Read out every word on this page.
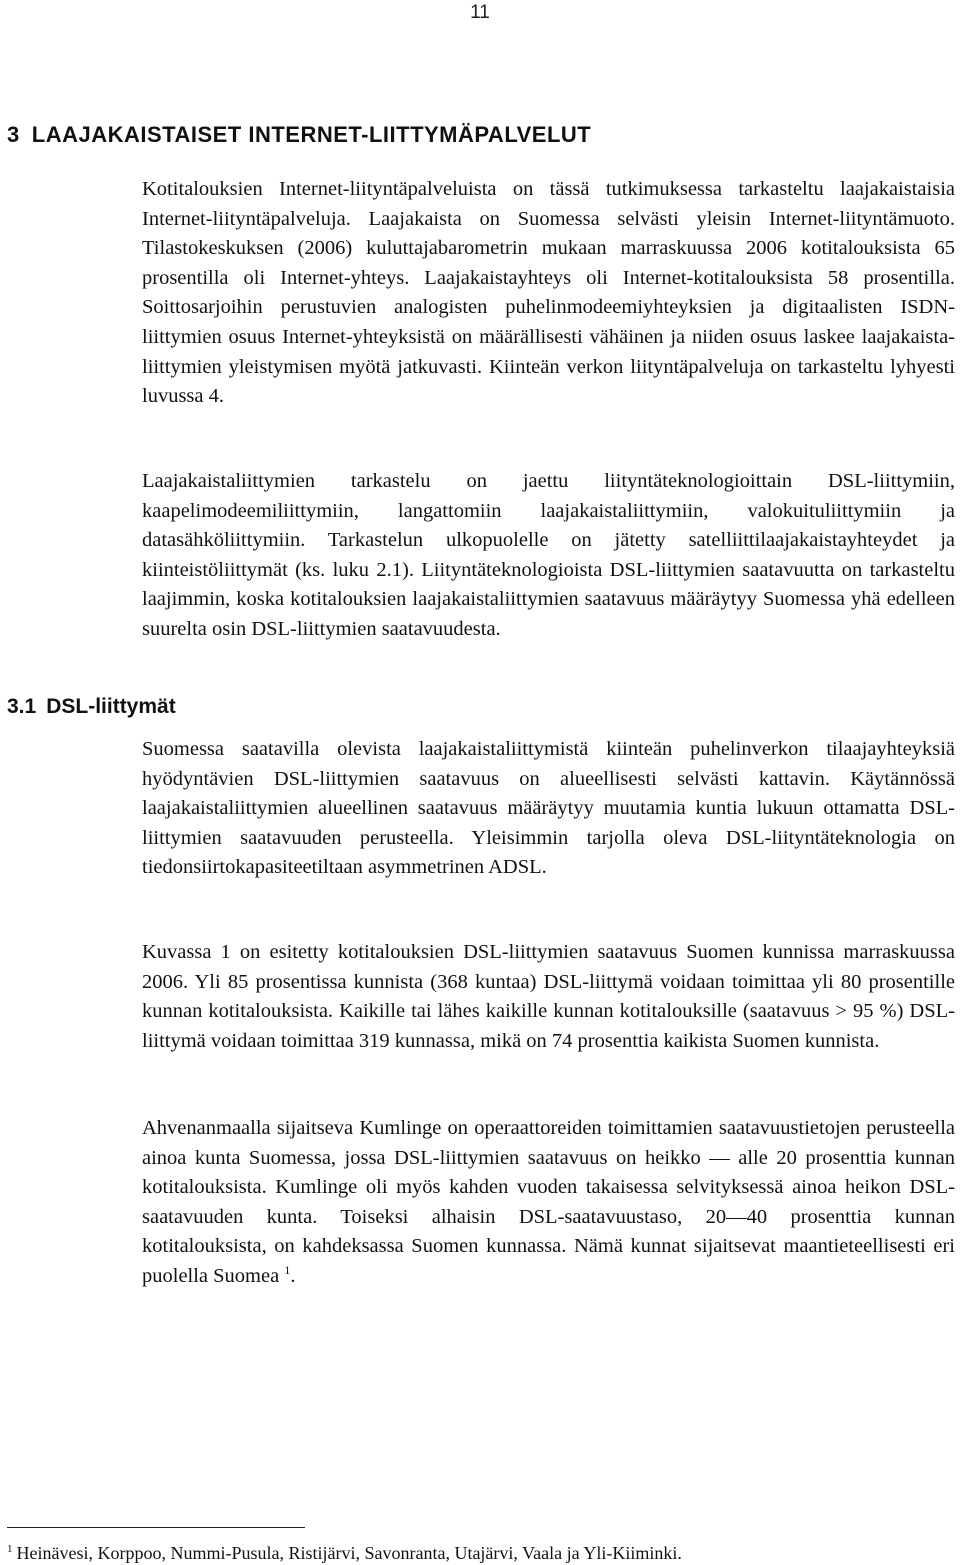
11
3 LAAJAKAISTAISET INTERNET-LIITTYMÄPALVELUT

Kotitalouksien Internet-liityntäpalveluista on tässä tutkimuksessa tarkasteltu laajakaistaisia Internet-liityntäpalveluja. Laajakaista on Suomessa selvästi yleisin Internet-liityntämuoto. Tilastokeskuksen (2006) kuluttajabarometrin mukaan marraskuussa 2006 kotitalouksista 65 prosentilla oli Internet-yhteys. Laajakaistayhteys oli Internet-kotitalouksista 58 prosentilla. Soittosarjoihin perustuvien analogisten puhelinmodeemiyhteyksien ja digitaalisten ISDN-liittymien osuus Internet-yhteyksistä on määrällisesti vähäinen ja niiden osuus laskee laajakaistaliittymien yleistymisen myötä jatkuvasti. Kiinteän verkon liityntäpalveluja on tarkasteltu lyhyesti luvussa 4.

Laajakaistaliittymien tarkastelu on jaettu liityntäteknologioittain DSL-liittymiin, kaapelimodeemiliittymiin, langattomiin laajakaistaliittymiin, valokuituliittymiin ja datasähköliittymiin. Tarkastelun ulkopuolelle on jätetty satelliittilaajakaistayhteydet ja kiinteistöliittymät (ks. luku 2.1). Liityntäteknologioista DSL-liittymien saatavuutta on tarkasteltu laajimmin, koska kotitalouksien laajakaistaliittymien saatavuus määräytyy Suomessa yhä edelleen suurelta osin DSL-liittymien saatavuudesta.

3.1 DSL-liittymät

Suomessa saatavilla olevista laajakaistaliittymistä kiinteän puhelinverkon tilaajayhteyksiä hyödyntävien DSL-liittymien saatavuus on alueellisesti selvästi kattavin. Käytännössä laajakaistaliittymien alueellinen saatavuus määräytyy muutamia kuntia lukuun ottamatta DSL-liittymien saatavuuden perusteella. Yleisimmin tarjolla oleva DSL-liityntäteknologia on tiedonsiirtokapasiteetiltaan asymmetrinen ADSL.

Kuvassa 1 on esitetty kotitalouksien DSL-liittymien saatavuus Suomen kunnissa marraskuussa 2006. Yli 85 prosentissa kunnista (368 kuntaa) DSL-liittymä voidaan toimittaa yli 80 prosentille kunnan kotitalouksista. Kaikille tai lähes kaikille kunnan kotitalouksille (saatavuus > 95 %) DSL-liittymä voidaan toimittaa 319 kunnassa, mikä on 74 prosenttia kaikista Suomen kunnista.

Ahvenanmaalla sijaitseva Kumlinge on operaattoreiden toimittamien saatavuustietojen perusteella ainoa kunta Suomessa, jossa DSL-liittymien saatavuus on heikko — alle 20 prosenttia kunnan kotitalouksista. Kumlinge oli myös kahden vuoden takaisessa selvityksessä ainoa heikon DSL-saatavuuden kunta. Toiseksi alhaisin DSL-saatavuustaso, 20—40 prosenttia kunnan kotitalouksista, on kahdeksassa Suomen kunnassa. Nämä kunnat sijaitsevat maantieteellisesti eri puolella Suomea $^1$.

$^1$ Heinävesi, Korppoo, Nummi-Pusula, Ristijärvi, Savonranta, Utajärvi, Vaala ja Yli-Kiiminki.
